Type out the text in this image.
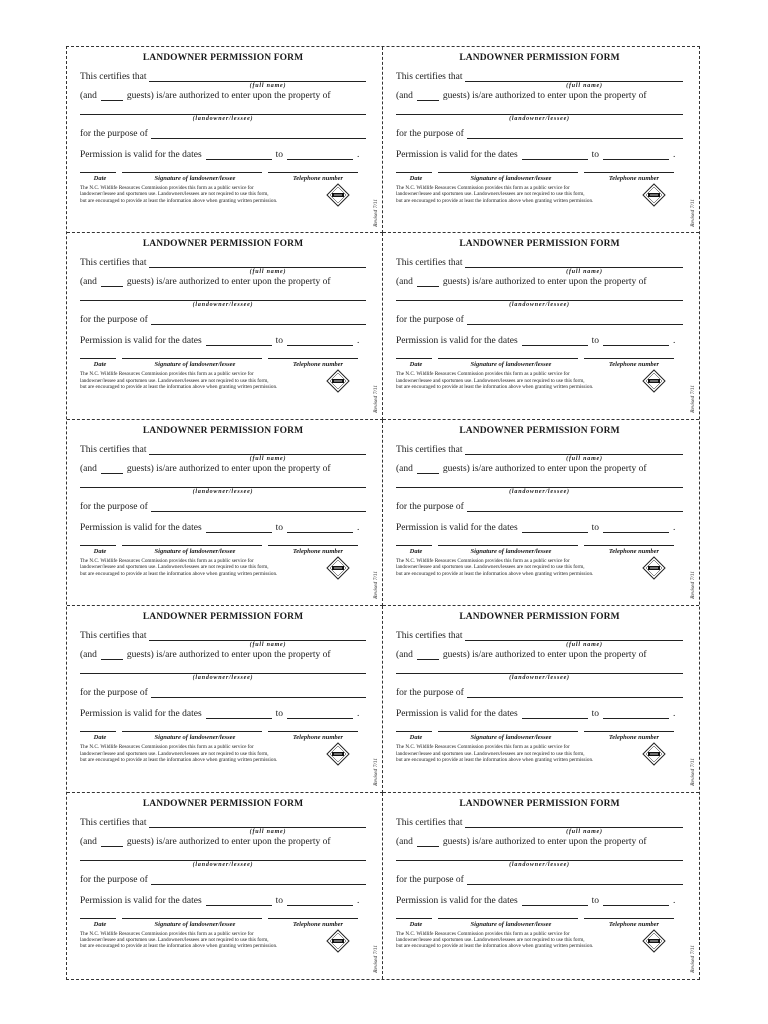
LANDOWNER PERMISSION FORM
This certifies that
(full name)
(and	guests) is/are authorized to enter upon the property of
(landowner/lessee)
for the purpose of
Permission is valid for the dates	to	.
Date	Signature of landowner/lessee	Telephone number
The N.C. Wildlife Resources Commission provides this form as a public service for
landowner/lessee and sportsmen use. Landowners/lessees are not required to use this form,
but are encouraged to provide at least the information above when granting written permission.	Revised 7/11
LANDOWNER PERMISSION FORM
This certifies that
(full name)
(and	guests) is/are authorized to enter upon the property of
(landowner/lessee)
for the purpose of
Permission is valid for the dates	to	.
Date	Signature of landowner/lessee	Telephone number
The N.C. Wildlife Resources Commission provides this form as a public service for
landowner/lessee and sportsmen use. Landowners/lessees are not required to use this form,
but are encouraged to provide at least the information above when granting written permission.	Revised 7/11
LANDOWNER PERMISSION FORM
This certifies that
(full name)
(and	guests) is/are authorized to enter upon the property of
(landowner/lessee)
for the purpose of
Permission is valid for the dates	to	.
Date	Signature of landowner/lessee	Telephone number
The N.C. Wildlife Resources Commission provides this form as a public service for
landowner/lessee and sportsmen use. Landowners/lessees are not required to use this form,
but are encouraged to provide at least the information above when granting written permission.	Revised 7/11
LANDOWNER PERMISSION FORM
This certifies that
(full name)
(and	guests) is/are authorized to enter upon the property of
(landowner/lessee)
for the purpose of
Permission is valid for the dates	to	.
Date	Signature of landowner/lessee	Telephone number
The N.C. Wildlife Resources Commission provides this form as a public service for
landowner/lessee and sportsmen use. Landowners/lessees are not required to use this form,
but are encouraged to provide at least the information above when granting written permission.	Revised 7/11
LANDOWNER PERMISSION FORM
This certifies that
(full name)
(and	guests) is/are authorized to enter upon the property of
(landowner/lessee)
for the purpose of
Permission is valid for the dates	to	.
Date	Signature of landowner/lessee	Telephone number
The N.C. Wildlife Resources Commission provides this form as a public service for
landowner/lessee and sportsmen use. Landowners/lessees are not required to use this form,
but are encouraged to provide at least the information above when granting written permission.	Revised 7/11
LANDOWNER PERMISSION FORM
This certifies that
(full name)
(and	guests) is/are authorized to enter upon the property of
(landowner/lessee)
for the purpose of
Permission is valid for the dates	to	.
Date	Signature of landowner/lessee	Telephone number
The N.C. Wildlife Resources Commission provides this form as a public service for
landowner/lessee and sportsmen use. Landowners/lessees are not required to use this form,
but are encouraged to provide at least the information above when granting written permission.	Revised 7/11
LANDOWNER PERMISSION FORM
This certifies that
(full name)
(and	guests) is/are authorized to enter upon the property of
(landowner/lessee)
for the purpose of
Permission is valid for the dates	to	.
Date	Signature of landowner/lessee	Telephone number
The N.C. Wildlife Resources Commission provides this form as a public service for
landowner/lessee and sportsmen use. Landowners/lessees are not required to use this form,
but are encouraged to provide at least the information above when granting written permission.	Revised 7/11
LANDOWNER PERMISSION FORM
This certifies that
(full name)
(and	guests) is/are authorized to enter upon the property of
(landowner/lessee)
for the purpose of
Permission is valid for the dates	to	.
Date	Signature of landowner/lessee	Telephone number
The N.C. Wildlife Resources Commission provides this form as a public service for
landowner/lessee and sportsmen use. Landowners/lessees are not required to use this form,
but are encouraged to provide at least the information above when granting written permission.	Revised 7/11
LANDOWNER PERMISSION FORM
This certifies that
(full name)
(and	guests) is/are authorized to enter upon the property of
(landowner/lessee)
for the purpose of
Permission is valid for the dates	to	.
Date	Signature of landowner/lessee	Telephone number
The N.C. Wildlife Resources Commission provides this form as a public service for
landowner/lessee and sportsmen use. Landowners/lessees are not required to use this form,
but are encouraged to provide at least the information above when granting written permission.	Revised 7/11
LANDOWNER PERMISSION FORM
This certifies that
(full name)
(and	guests) is/are authorized to enter upon the property of
(landowner/lessee)
for the purpose of
Permission is valid for the dates	to	.
Date	Signature of landowner/lessee	Telephone number
The N.C. Wildlife Resources Commission provides this form as a public service for
landowner/lessee and sportsmen use. Landowners/lessees are not required to use this form,
but are encouraged to provide at least the information above when granting written permission.	Revised 7/11
